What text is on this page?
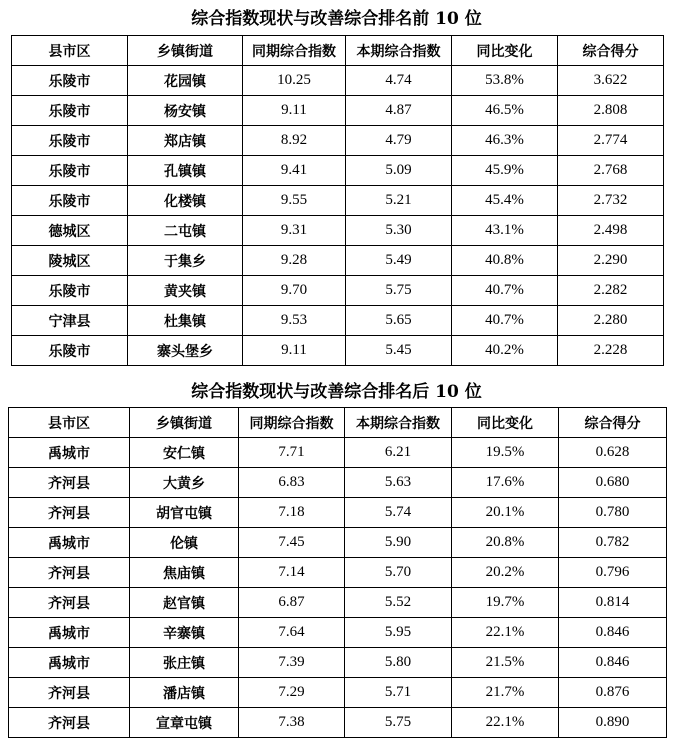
综合指数现状与改善综合排名前 10 位
县市区	乡镇街道	同期综合指数	本期综合指数	同比变化	综合得分
乐陵市	花园镇	10.25	4.74	53.8%	3.622
乐陵市	杨安镇	9.11	4.87	46.5%	2.808
乐陵市	郑店镇	8.92	4.79	46.3%	2.774
乐陵市	孔镇镇	9.41	5.09	45.9%	2.768
乐陵市	化楼镇	9.55	5.21	45.4%	2.732
德城区	二屯镇	9.31	5.30	43.1%	2.498
陵城区	于集乡	9.28	5.49	40.8%	2.290
乐陵市	黄夹镇	9.70	5.75	40.7%	2.282
宁津县	杜集镇	9.53	5.65	40.7%	2.280
乐陵市	寨头堡乡	9.11	5.45	40.2%	2.228
综合指数现状与改善综合排名后 10 位
县市区	乡镇街道	同期综合指数	本期综合指数	同比变化	综合得分
禹城市	安仁镇	7.71	6.21	19.5%	0.628
齐河县	大黄乡	6.83	5.63	17.6%	0.680
齐河县	胡官屯镇	7.18	5.74	20.1%	0.780
禹城市	伦镇	7.45	5.90	20.8%	0.782
齐河县	焦庙镇	7.14	5.70	20.2%	0.796
齐河县	赵官镇	6.87	5.52	19.7%	0.814
禹城市	辛寨镇	7.64	5.95	22.1%	0.846
禹城市	张庄镇	7.39	5.80	21.5%	0.846
齐河县	潘店镇	7.29	5.71	21.7%	0.876
齐河县	宣章屯镇	7.38	5.75	22.1%	0.890
